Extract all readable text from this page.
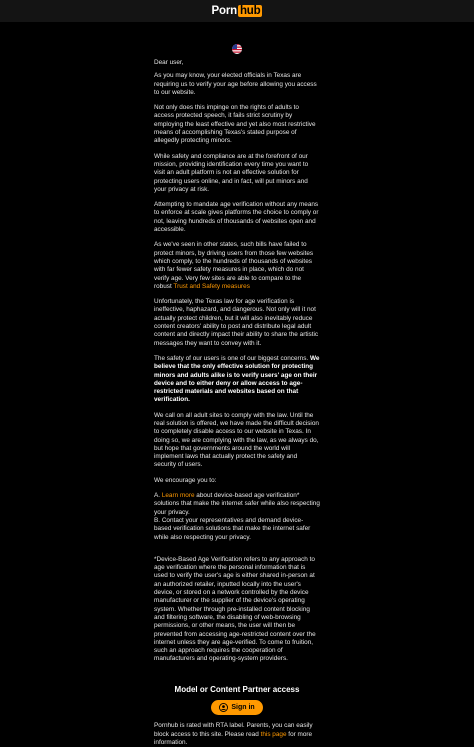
Porn hub

Dear user,

As you may know, your elected officials in Texas are requiring us to verify your age before allowing you access to our website.

Not only does this impinge on the rights of adults to access protected speech, it fails strict scrutiny by employing the least effective and yet also most restrictive means of accomplishing Texas's stated purpose of allegedly protecting minors.

While safety and compliance are at the forefront of our mission, providing identification every time you want to visit an adult platform is not an effective solution for protecting users online, and in fact, will put minors and your privacy at risk.

Attempting to mandate age verification without any means to enforce at scale gives platforms the choice to comply or not, leaving hundreds of thousands of websites open and accessible.

As we've seen in other states, such bills have failed to protect minors, by driving users from those few websites which comply, to the hundreds of thousands of websites with far fewer safety measures in place, which do not verify age. Very few sites are able to compare to the robust Trust and Safety measures

Unfortunately, the Texas law for age verification is ineffective, haphazard, and dangerous. Not only will it not actually protect children, but it will also inevitably reduce content creators' ability to post and distribute legal adult content and directly impact their ability to share the artistic messages they want to convey with it.

The safety of our users is one of our biggest concerns. We believe that the only effective solution for protecting minors and adults alike is to verify users' age on their device and to either deny or allow access to age-restricted materials and websites based on that verification.

We call on all adult sites to comply with the law. Until the real solution is offered, we have made the difficult decision to completely disable access to our website in Texas. In doing so, we are complying with the law, as we always do, but hope that governments around the world will implement laws that actually protect the safety and security of users.

We encourage you to:

A. Learn more about device-based age verification* solutions that make the internet safer while also respecting your privacy.
B. Contact your representatives and demand device-based verification solutions that make the internet safer while also respecting your privacy.

*Device-Based Age Verification refers to any approach to age verification where the personal information that is used to verify the user's age is either shared in-person at an authorized retailer, inputted locally into the user's device, or stored on a network controlled by the device manufacturer or the supplier of the device's operating system. Whether through pre-installed content blocking and filtering software, the disabling of web-browsing permissions, or other means, the user will then be prevented from accessing age-restricted content over the internet unless they are age-verified. To come to fruition, such an approach requires the cooperation of manufacturers and operating-system providers.

Model or Content Partner access
Sign in

Pornhub is rated with RTA label. Parents, you can easily block access to this site. Please read this page for more information.
